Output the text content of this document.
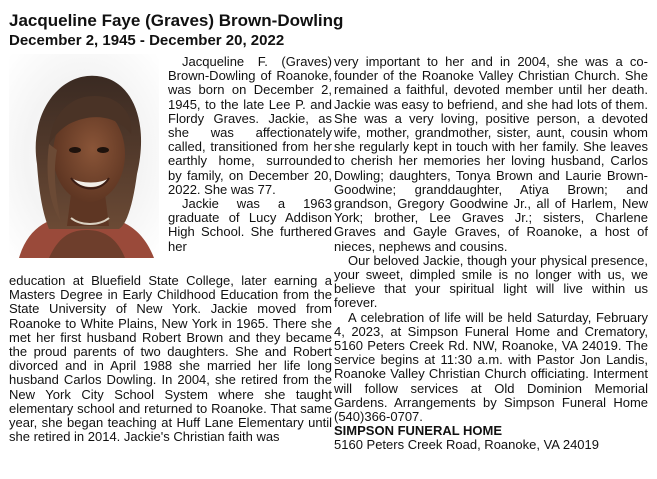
Jacqueline Faye (Graves) Brown-Dowling
December 2, 1945 - December 20, 2022

Jacqueline F. (Graves) Brown-Dowling of Roanoke, was born on December 2, 1945, to the late Lee P. and Flordy Graves. Jackie, as she was affectionately called, transitioned from her earthly home, surrounded by family, on December 20, 2022. She was 77.

Jackie was a 1963 graduate of Lucy Addison High School. She furthered her

education at Bluefield State College, later earning a Masters Degree in Early Childhood Education from the State University of New York. Jackie moved from Roanoke to White Plains, New York in 1965. There she met her first husband Robert Brown and they became the proud parents of two daughters. She and Robert divorced and in April 1988 she married her life long husband Carlos Dowling. In 2004, she retired from the New York City School System where she taught elementary school and returned to Roanoke. That same year, she began teaching at Huff Lane Elementary until she retired in 2014. Jackie's Christian faith was

very important to her and in 2004, she was a co-founder of the Roanoke Valley Christian Church. She remained a faithful, devoted member until her death. Jackie was easy to befriend, and she had lots of them. She was a very loving, positive person, a devoted wife, mother, grandmother, sister, aunt, cousin whom she regularly kept in touch with her family. She leaves to cherish her memories her loving husband, Carlos Dowling; daughters, Tonya Brown and Laurie Brown-Goodwine; granddaughter, Atiya Brown; and grandson, Gregory Goodwine Jr., all of Harlem, New York; brother, Lee Graves Jr.; sisters, Charlene Graves and Gayle Graves, of Roanoke, a host of nieces, nephews and cousins.

Our beloved Jackie, though your physical presence, your sweet, dimpled smile is no longer with us, we believe that your spiritual light will live within us forever.

A celebration of life will be held Saturday, February 4, 2023, at Simpson Funeral Home and Crematory, 5160 Peters Creek Rd. NW, Roanoke, VA 24019. The service begins at 11:30 a.m. with Pastor Jon Landis, Roanoke Valley Christian Church officiating. Interment will follow services at Old Dominion Memorial Gardens. Arrangements by Simpson Funeral Home (540)366-0707.

SIMPSON FUNERAL HOME

5160 Peters Creek Road, Roanoke, VA 24019
